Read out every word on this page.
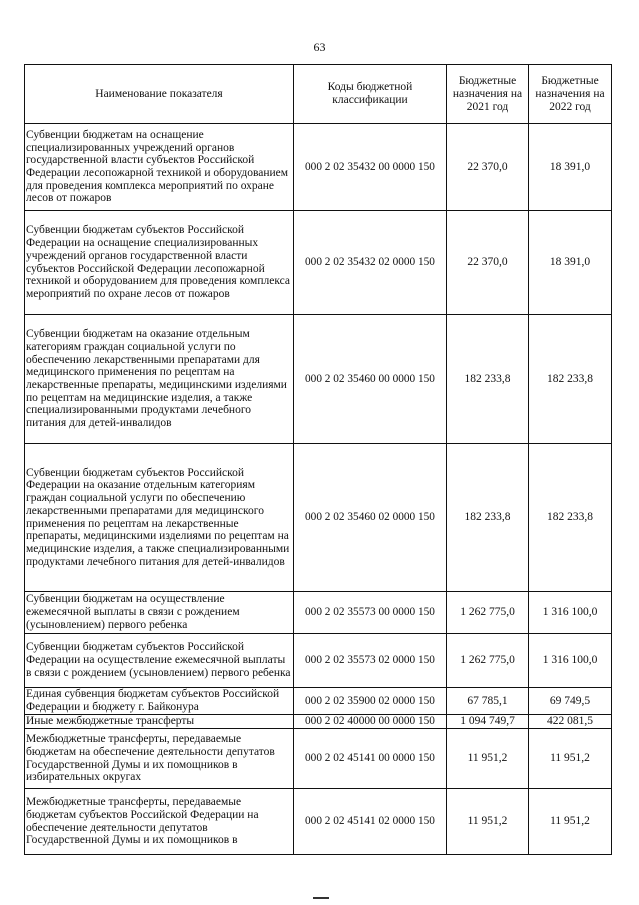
63
Наименование показателя	Коды бюджетной классификации	Бюджетные назначения на 2021 год	Бюджетные назначения на 2022 год
Субвенции бюджетам на оснащение специализированных учреждений органов государственной власти субъектов Российской Федерации лесопожарной техникой и оборудованием для проведения комплекса мероприятий по охране лесов от пожаров	000 2 02 35432 00 0000 150	22 370,0	18 391,0
Субвенции бюджетам субъектов Российской Федерации на оснащение специализированных учреждений органов государственной власти субъектов Российской Федерации лесопожарной техникой и оборудованием для проведения комплекса мероприятий по охране лесов от пожаров	000 2 02 35432 02 0000 150	22 370,0	18 391,0
Субвенции бюджетам на оказание отдельным категориям граждан социальной услуги по обеспечению лекарственными препаратами для медицинского применения по рецептам на лекарственные препараты, медицинскими изделиями по рецептам на медицинские изделия, а также специализированными продуктами лечебного питания для детей-инвалидов	000 2 02 35460 00 0000 150	182 233,8	182 233,8
Субвенции бюджетам субъектов Российской Федерации на оказание отдельным категориям граждан социальной услуги по обеспечению лекарственными препаратами для медицинского применения по рецептам на лекарственные препараты, медицинскими изделиями по рецептам на медицинские изделия, а также специализированными продуктами лечебного питания для детей-инвалидов	000 2 02 35460 02 0000 150	182 233,8	182 233,8
Субвенции бюджетам на осуществление ежемесячной выплаты в связи с рождением (усыновлением) первого ребенка	000 2 02 35573 00 0000 150	1 262 775,0	1 316 100,0
Субвенции бюджетам субъектов Российской Федерации на осуществление ежемесячной выплаты в связи с рождением (усыновлением) первого ребенка	000 2 02 35573 02 0000 150	1 262 775,0	1 316 100,0
Единая субвенция бюджетам субъектов Российской Федерации и бюджету г. Байконура	000 2 02 35900 02 0000 150	67 785,1	69 749,5
Иные межбюджетные трансферты	000 2 02 40000 00 0000 150	1 094 749,7	422 081,5
Межбюджетные трансферты, передаваемые бюджетам на обеспечение деятельности депутатов Государственной Думы и их помощников в избирательных округах	000 2 02 45141 00 0000 150	11 951,2	11 951,2
Межбюджетные трансферты, передаваемые бюджетам субъектов Российской Федерации на обеспечение деятельности депутатов Государственной Думы и их помощников в	000 2 02 45141 02 0000 150	11 951,2	11 951,2
